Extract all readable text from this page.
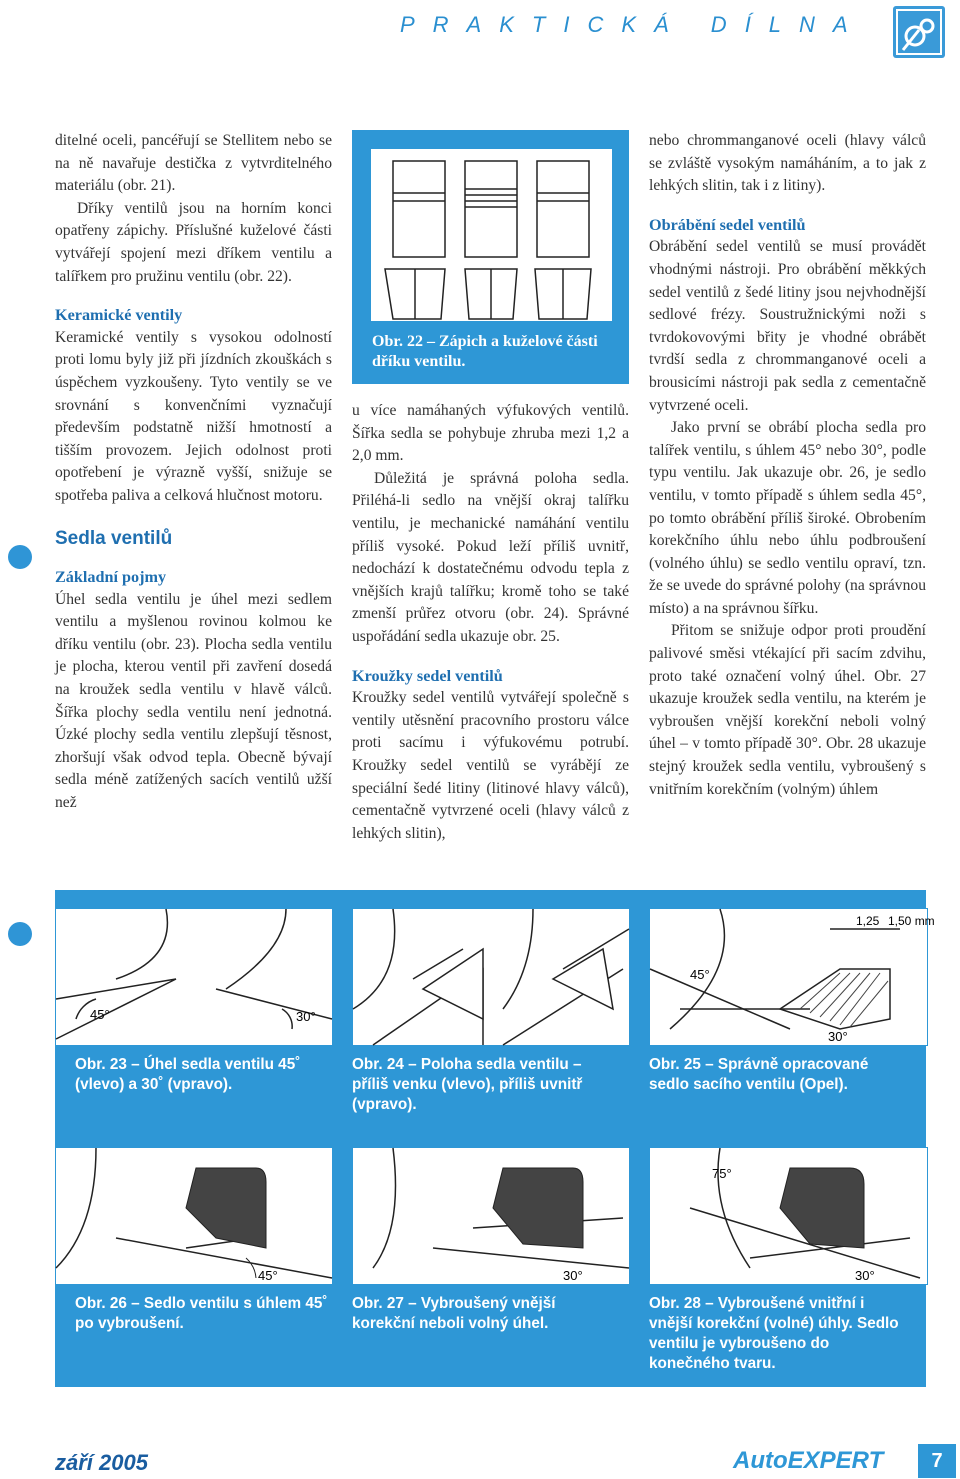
PRAKTICKÁ DÍLNA

ditelné oceli, pancéřují se Stellitem nebo se na ně navařuje destička z vytvrditelného materiálu (obr. 21).

Dříky ventilů jsou na horním konci opatřeny zápichy. Příslušné kuželové části vytvářejí spojení mezi dříkem ventilu a talířkem pro pružinu ventilu (obr. 22).

Keramické ventily

Keramické ventily s vysokou odolností proti lomu byly již při jízdních zkouškách s úspěchem vyzkoušeny. Tyto ventily se ve srovnání s konvenčními vyznačují především podstatně nižší hmotností a tišším provozem. Jejich odolnost proti opotřebení je výrazně vyšší, snižuje se spotřeba paliva a celková hlučnost motoru.

Sedla ventilů
Základní pojmy

Úhel sedla ventilu je úhel mezi sedlem ventilu a myšlenou rovinou kolmou ke dříku ventilu (obr. 23). Plocha sedla ventilu je plocha, kterou ventil při zavření dosedá na kroužek sedla ventilu v hlavě válců. Šířka plochy sedla ventilu není jednotná. Úzké plochy sedla ventilu zlepšují těsnost, zhoršují však odvod tepla. Obecně bývají sedla méně zatížených sacích ventilů užší než

Obr. 22 – Zápich a kuželové části dříku ventilu.

u více namáhaných výfukových ventilů. Šířka sedla se pohybuje zhruba mezi 1,2 a 2,0 mm.

Důležitá je správná poloha sedla. Přiléhá-li sedlo na vnější okraj talířku ventilu, je mechanické namáhání ventilu příliš vysoké. Pokud leží příliš uvnitř, nedochází k dostatečnému odvodu tepla z vnějších krajů talířku; kromě toho se také zmenší průřez otvoru (obr. 24). Správné uspořádání sedla ukazuje obr. 25.

Kroužky sedel ventilů

Kroužky sedel ventilů vytvářejí společně s ventily utěsnění pracovního prostoru válce proti sacímu i výfukovému potrubí. Kroužky sedel ventilů se vyrábějí ze speciální šedé litiny (litinové hlavy válců), cementačně vytvrzené oceli (hlavy válců z lehkých slitin),

nebo chrommanganové oceli (hlavy válců se zvláště vysokým namáháním, a to jak z lehkých slitin, tak i z litiny).

Obrábění sedel ventilů

Obrábění sedel ventilů se musí provádět vhodnými nástroji. Pro obrábění měkkých sedel ventilů z šedé litiny jsou nejvhodnější sedlové frézy. Soustružnickými noži s tvrdokovovými břity je vhodné obrábět tvrdší sedla z chrommanganové oceli a brousicími nástroji pak sedla z cementačně vytvrzené oceli.

Jako první se obrábí plocha sedla pro talířek ventilu, s úhlem 45° nebo 30°, podle typu ventilu. Jak ukazuje obr. 26, je sedlo ventilu, v tomto případě s úhlem sedla 45°, po tomto obrábění příliš široké. Obrobením korekčního úhlu nebo úhlu podbroušení (volného úhlu) se sedlo ventilu opraví, tzn. že se uvede do správné polohy (na správnou místo) a na správnou šířku.

Přitom se snižuje odpor proti proudění palivové směsi vtékající při sacím zdvihu, proto také označení volný úhel. Obr. 27 ukazuje kroužek sedla ventilu, na kterém je vybroušen vnější korekční neboli volný úhel – v tomto případě 30°. Obr. 28 ukazuje stejný kroužek sedla ventilu, vybroušený s vnitřním korekčním (volným) úhlem

45°	30°
1,25 1,50 mm
45°
30°
Obr. 23 – Úhel sedla ventilu 45˚ (vlevo) a 30˚ (vpravo).
Obr. 24 – Poloha sedla ventilu – příliš venku (vlevo), příliš uvnitř (vpravo).
Obr. 25 – Správně opracované sedlo sacího ventilu (Opel).
45°	30°
75°
30°
Obr. 26 – Sedlo ventilu s úhlem 45˚ po vybroušení.
Obr. 27 – Vybroušený vnější korekční neboli volný úhel.
Obr. 28 – Vybroušené vnitřní i vnější korekční (volné) úhly. Sedlo ventilu je vybroušeno do konečného tvaru.
září 2005	AutoEXPERT	7
